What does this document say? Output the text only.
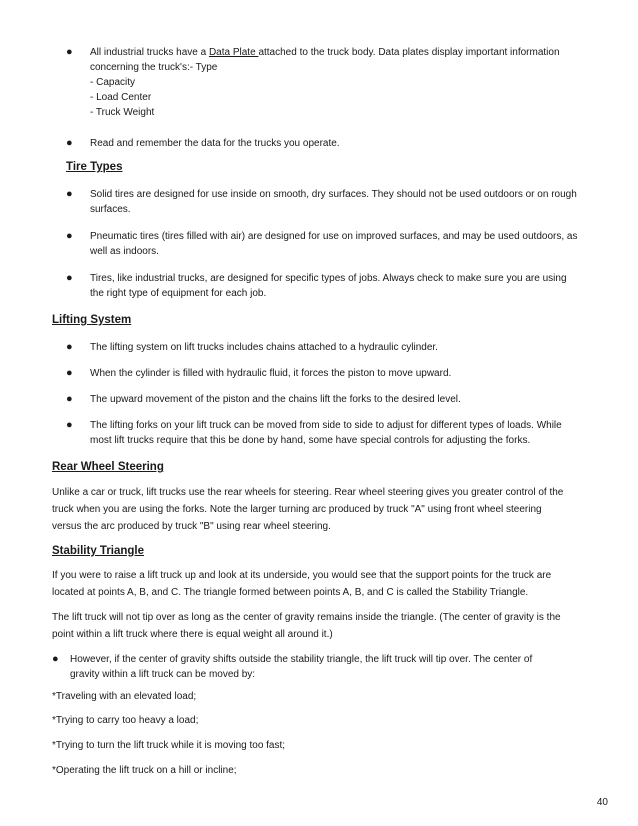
●	All industrial trucks have a Data Plate attached to the truck body. Data plates display important information
concerning the truck's:- Type
- Capacity
- Load Center
- Truck Weight
●	Read and remember the data for the trucks you operate.
Tire Types
●	Solid tires are designed for use inside on smooth, dry surfaces. They should not be used outdoors or on rough
surfaces.
●	Pneumatic tires (tires filled with air) are designed for use on improved surfaces, and may be used outdoors, as
well as indoors.
●	Tires, like industrial trucks, are designed for specific types of jobs. Always check to make sure you are using
the right type of equipment for each job.
Lifting System
●	The lifting system on lift trucks includes chains attached to a hydraulic cylinder.
●	When the cylinder is filled with hydraulic fluid, it forces the piston to move upward.
●	The upward movement of the piston and the chains lift the forks to the desired level.
●	The lifting forks on your lift truck can be moved from side to side to adjust for different types of loads. While
most lift trucks require that this be done by hand, some have special controls for adjusting the forks.
Rear Wheel Steering
Unlike a car or truck, lift trucks use the rear wheels for steering. Rear wheel steering gives you greater control of the
truck when you are using the forks. Note the larger turning arc produced by truck "A" using front wheel steering
versus the arc produced by truck "B" using rear wheel steering.
Stability Triangle
If you were to raise a lift truck up and look at its underside, you would see that the support points for the truck are
located at points A, B, and C. The triangle formed between points A, B, and C is called the Stability Triangle.
The lift truck will not tip over as long as the center of gravity remains inside the triangle. (The center of gravity is the
point within a lift truck where there is equal weight all around it.)
●	However, if the center of gravity shifts outside the stability triangle, the lift truck will tip over. The center of
gravity within a lift truck can be moved by:
*Traveling with an elevated load;
*Trying to carry too heavy a load;
*Trying to turn the lift truck while it is moving too fast;
*Operating the lift truck on a hill or incline;
40
